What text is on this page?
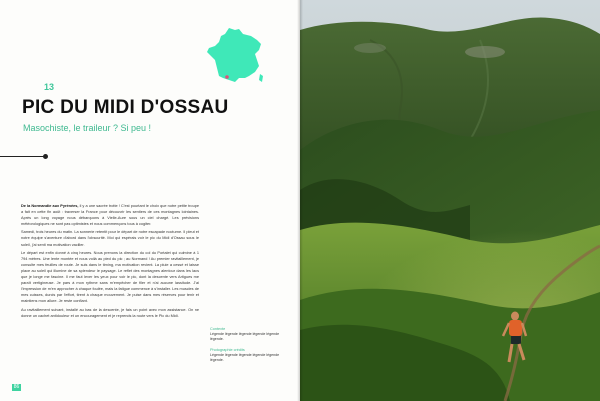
13
PIC DU MIDI D'OSSAU
Masochiste, le traileur ? Si peu !

De la Normandie aux Pyrénées, il y a une sacrée trotte ! C'est pourtant le choix que notre petite troupe a fait en cette fin août : traverser la France pour découvrir les sentiers de ces montagnes lointaines. Après un long voyage nous débarquons à Vielle-Aure sous un ciel chargé. Les prévisions météorologiques ne sont pas optimistes et nous commençons tous à cogiter.

Samedi, trois heures du matin. La sonnerie retentit pour le départ de notre escapade nocturne. Il pleut et notre équipe s'aventure d'abord dans l'obscurité. Moi qui espérais voir le pic du Midi d'Ossau sous le soleil, j'ai senti ma motivation vaciller.

Le départ est enfin donné à cinq heures. Nous prenons la direction du col du Portalet qui culmine à 1 794 mètres. Une lente montée et nous voilà au pied du pic ; au Normand ! Au premier ravitaillement, je consulte mes feuilles de route. Je suis dans le timing, ma motivation revient. La pluie a cessé et laisse place au soleil qui illumine de sa splendeur le paysage. Le reflet des montagnes alentour dans les lacs que je longe me fascine. Il me faut lever les yeux pour voir le pic, dont la descente vers Artigues me paraît vertigineuse. Je pars à mon rythme sans m'empêcher de filer et n'ai aucune lassitude. J'ai l'impression de m'en approcher à chaque foulée, mais la fatigue commence à s'installer. Les muscles de mes cuisses, durcis par l'effort, tirent à chaque mouvement. Je puise dans mes réserves pour tenir et maintiens mon allure. Je reste confiant.

Au ravitaillement suivant, installé au bas de la descente, je fais un point avec mon assistance. On ne donne un cachet antidouleur et un encouragement et je reprends la route vers le Pic du Midi.

Contexte
Légende légende légende légende légende légende.
Photographie crédits
Légende légende légende légende légende légende.
86
